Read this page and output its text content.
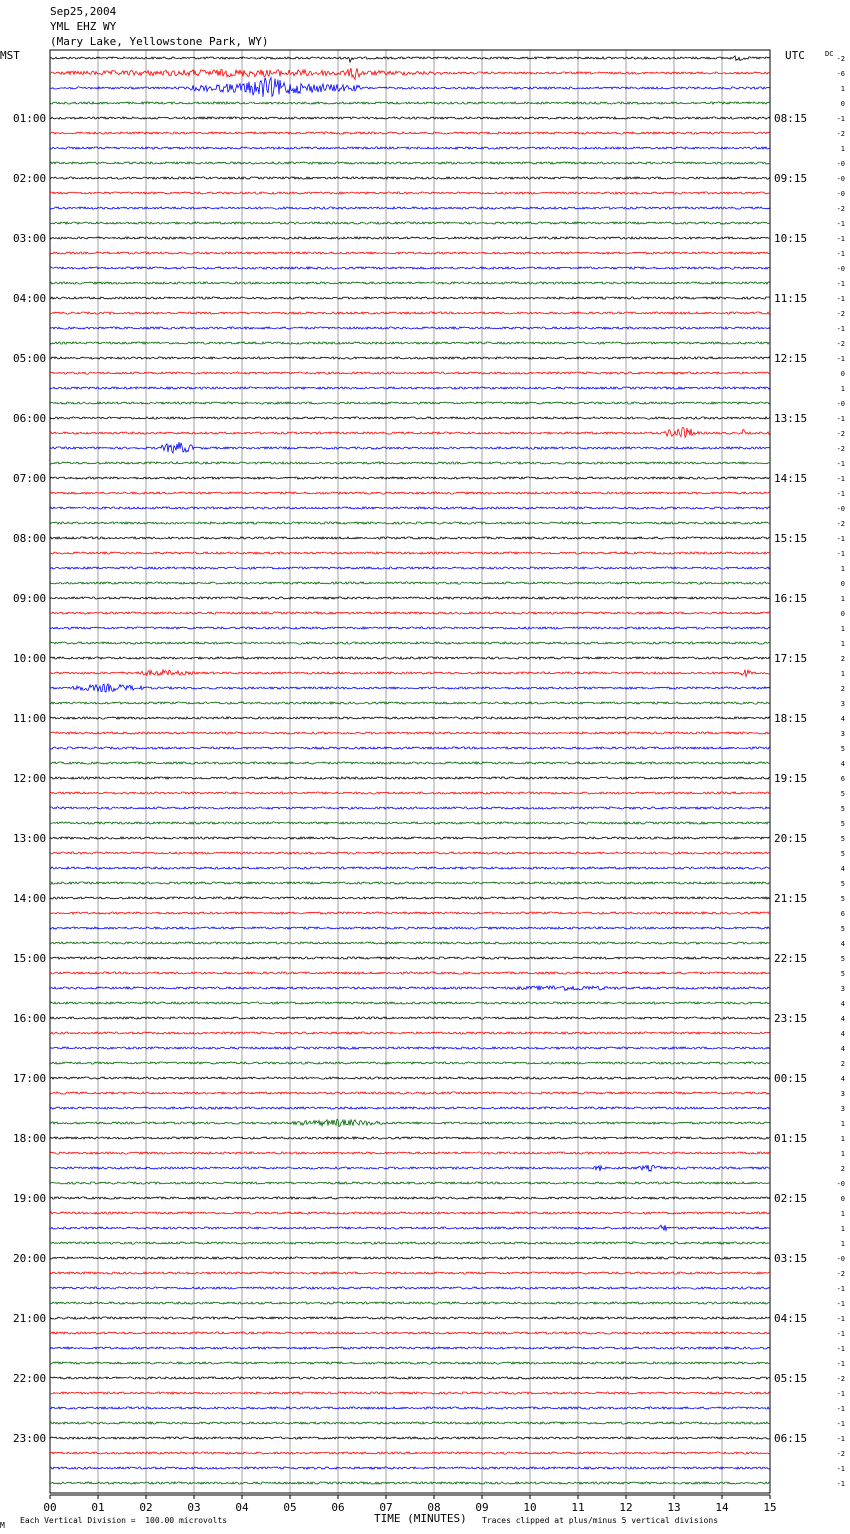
Sep25,2004
YML EHZ WY
(Mary Lake, Yellowstone Park, WY)
MST	UTC	DC
01:00
02:00
03:00
04:00
05:00
06:00
07:00
08:00
09:00
10:00
11:00
12:00
13:00
14:00
15:00
16:00
17:00
18:00
19:00
20:00
21:00
22:00
23:00
08:15
09:15
10:15
11:15
12:15
13:15
14:15
15:15
16:15
17:15
18:15
19:15
20:15
21:15
22:15
23:15
00:15
01:15
02:15
03:15
04:15
05:15
06:15
-2
-6
1
0
-1
-2
1
-0
-0
-0
-2
-1
-1
-1
-0
-1
-1
-2
-1
-2
-1
0
1
-0
-1
-2
-2
-1
-1
-1
-0
-2
-1
-1
1
0
1
0
1
1
2
1
2
3
4
3
5
4
6
5
5
5
5
5
4
5
5
6
5
4
5
5
3
4
4
4
4
2
4
3
3
1
1
1
2
-0
0
1
1
1
-0
-2
-1
-1
-1
-1
-1
-1
-2
-1
-1
-1
-1
-2
-1
-1
00	01	02	03	04	05	06	07	08	09	10	11	12	13	14	15
TIME (MINUTES)
M
Each Vertical Division =  100.00 microvolts	Traces clipped at plus/minus 5 vertical divisions
